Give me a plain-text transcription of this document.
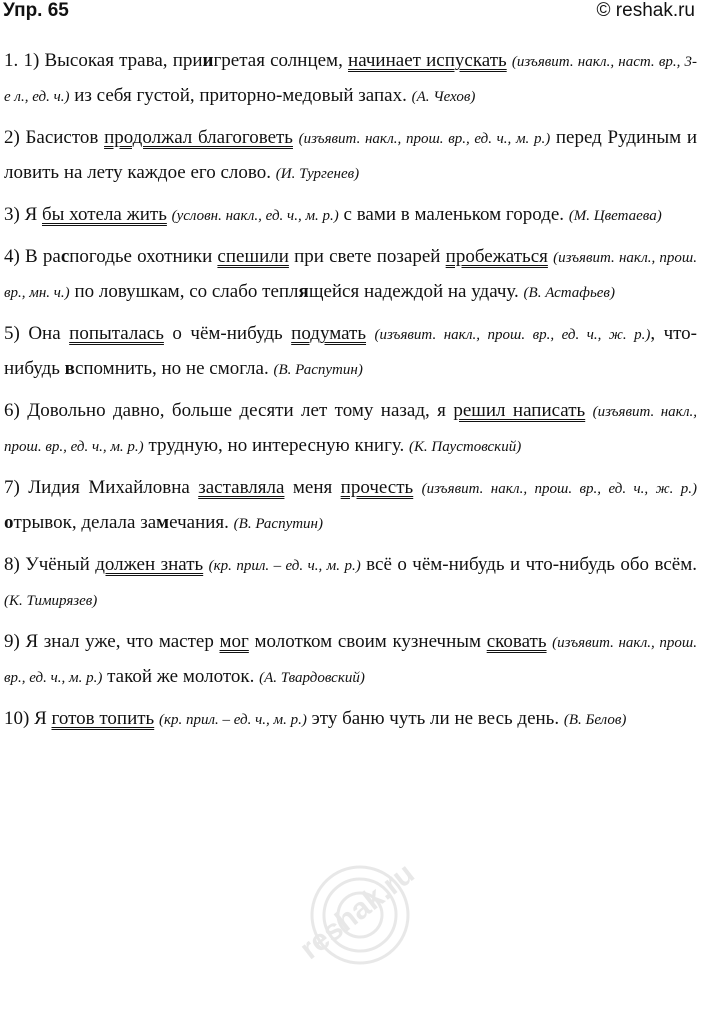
Упр. 65	© reshak.ru

1. 1) Высокая трава, приигретая солнцем, начинает испускать (изъявит. накл., наст. вр., 3-е л., ед. ч.) из себя густой, приторно-медовый запах. (А. Чехов)

2) Басистов продолжал благоговеть (изъявит. накл., прош. вр., ед. ч., м. р.) перед Рудиным и ловить на лету каждое его слово. (И. Тургенев)

3) Я бы хотела жить (условн. накл., ед. ч., м. р.) с вами в маленьком городе. (М. Цветаева)

4) В распогодье охотники спешили при свете позарей пробежаться (изъявит. накл., прош. вр., мн. ч.) по ловушкам, со слабо теплящейся надеждой на удачу. (В. Астафьев)

5) Она попыталась о чём-нибудь подумать (изъявит. накл., прош. вр., ед. ч., ж. р.), что-нибудь вспомнить, но не смогла. (В. Распутин)

6) Довольно давно, больше десяти лет тому назад, я решил написать (изъявит. накл., прош. вр., ед. ч., м. р.) трудную, но интересную книгу. (К. Паустовский)

7) Лидия Михайловна заставляла меня прочесть (изъявит. накл., прош. вр., ед. ч., ж. р.) отрывок, делала замечания. (В. Распутин)

8) Учёный должен знать (кр. прил. – ед. ч., м. р.) всё о чём-нибудь и что-нибудь обо всём. (К. Тимирязев)

9) Я знал уже, что мастер мог молотком своим кузнечным сковать (изъявит. накл., прош. вр., ед. ч., м. р.) такой же молоток. (А. Твардовский)

10) Я готов топить (кр. прил. – ед. ч., м. р.) эту баню чуть ли не весь день. (В. Белов)

reshak.ru
